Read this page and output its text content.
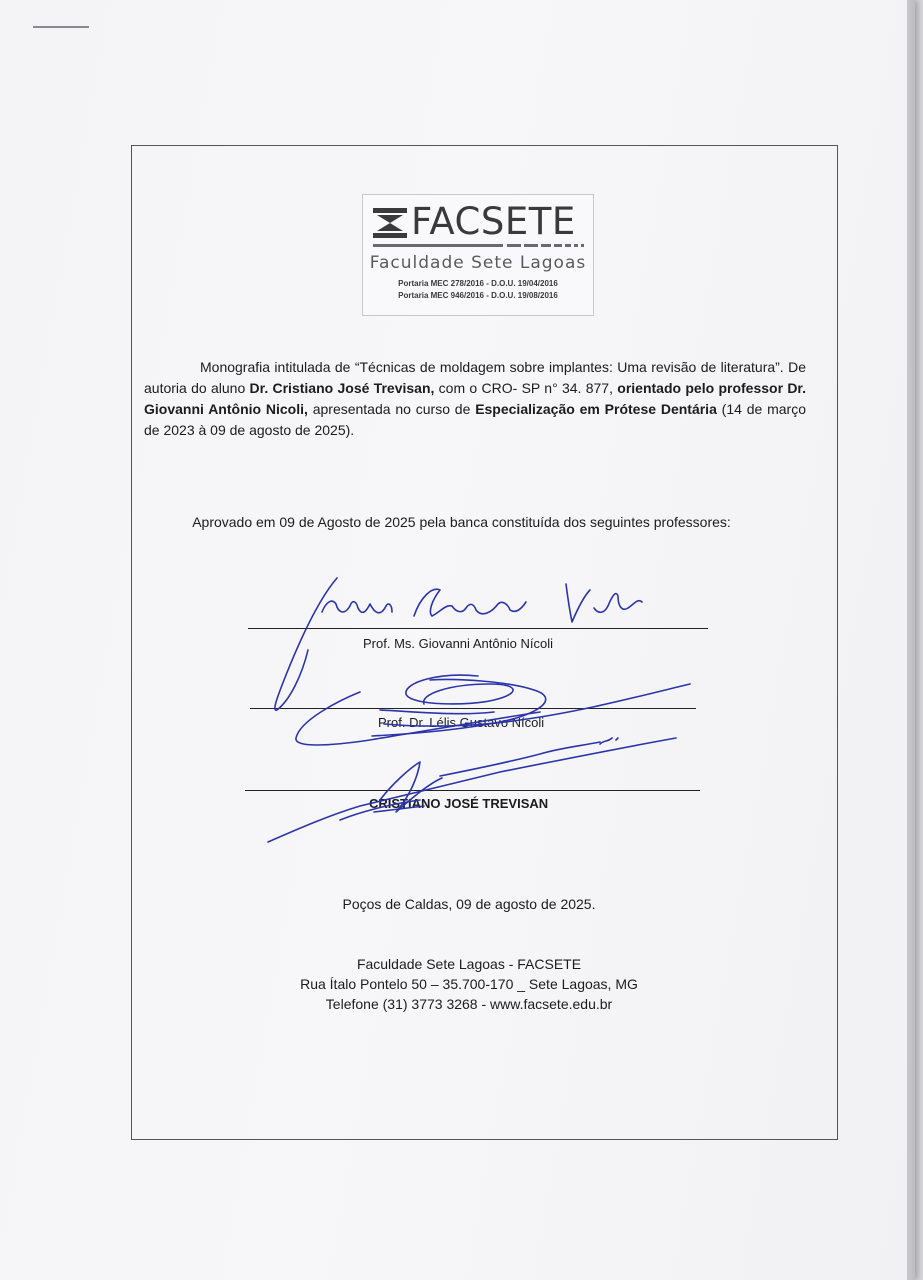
FACSETE
Faculdade Sete Lagoas
Portaria MEC 278/2016 - D.O.U. 19/04/2016
Portaria MEC 946/2016 - D.O.U. 19/08/2016

Monografia intitulada de “Técnicas de moldagem sobre implantes: Uma revisão de literatura”. De autoria do aluno Dr. Cristiano José Trevisan, com o CRO- SP n° 34. 877, orientado pelo professor Dr. Giovanni Antônio Nicoli, apresentada no curso de Especialização em Prótese Dentária (14 de março de 2023 à 09 de agosto de 2025).

Aprovado em 09 de Agosto de 2025 pela banca constituída dos seguintes professores:

Prof. Ms. Giovanni Antônio Nícoli
Prof. Dr. Lélis Gustavo Nícoli
CRISTIANO JOSÉ TREVISAN

Poços de Caldas, 09 de agosto de 2025.

Faculdade Sete Lagoas - FACSETE

Rua Ítalo Pontelo 50 – 35.700-170 _ Sete Lagoas, MG

Telefone (31) 3773 3268 - www.facsete.edu.br
